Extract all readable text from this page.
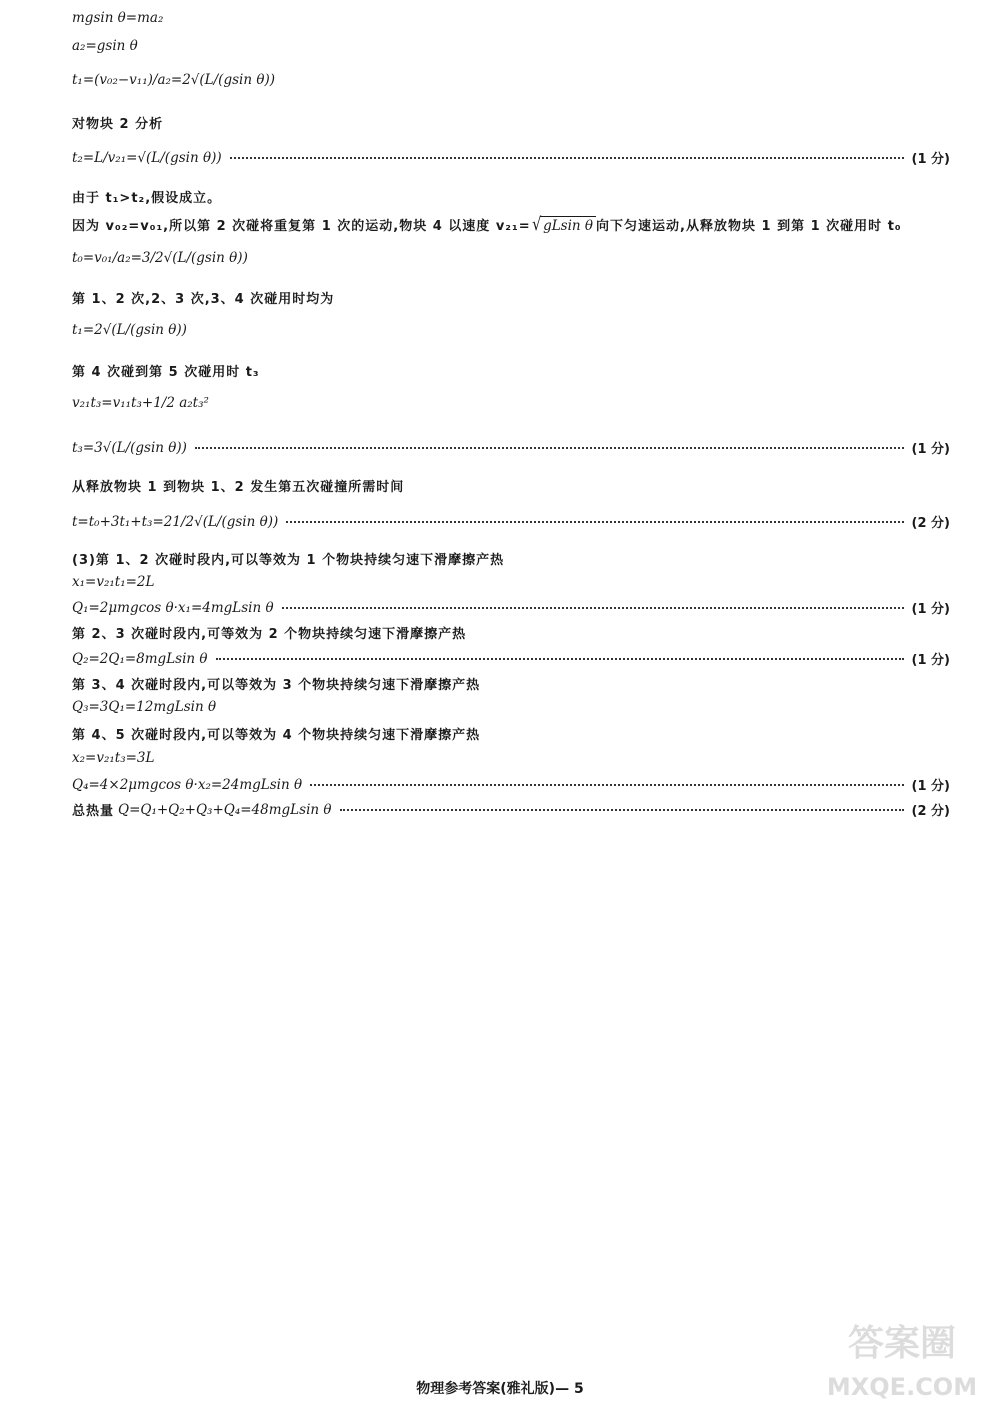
mgsin θ=ma₂
a₂=gsin θ
t₁=(v₀₂−v₁₁)/a₂=2√(L/(gsin θ))
对物块 2 分析
t₂=L/v₂₁=√(L/(gsin θ))	(1 分)
由于 t₁>t₂,假设成立。
因为 v₀₂=v₀₁,所以第 2 次碰将重复第 1 次的运动,物块 4 以速度 v₂₁= √ gLsin θ 向下匀速运动,从释放物块 1 到第 1 次碰用时 t₀
t₀=v₀₁/a₂=3/2√(L/(gsin θ))
第 1、2 次,2、3 次,3、4 次碰用时均为
t₁=2√(L/(gsin θ))
第 4 次碰到第 5 次碰用时 t₃
v₂₁t₃=v₁₁t₃+1/2 a₂t₃²
t₃=3√(L/(gsin θ))	(1 分)
从释放物块 1 到物块 1、2 发生第五次碰撞所需时间
t=t₀+3t₁+t₃=21/2√(L/(gsin θ))	(2 分)
(3)第 1、2 次碰时段内,可以等效为 1 个物块持续匀速下滑摩擦产热
x₁=v₂₁t₁=2L
Q₁=2μmgcos θ·x₁=4mgLsin θ	(1 分)
第 2、3 次碰时段内,可等效为 2 个物块持续匀速下滑摩擦产热
Q₂=2Q₁=8mgLsin θ	(1 分)
第 3、4 次碰时段内,可以等效为 3 个物块持续匀速下滑摩擦产热
Q₃=3Q₁=12mgLsin θ
第 4、5 次碰时段内,可以等效为 4 个物块持续匀速下滑摩擦产热
x₂=v₂₁t₃=3L
Q₄=4×2μmgcos θ·x₂=24mgLsin θ	(1 分)
总热量 Q=Q₁+Q₂+Q₃+Q₄=48mgLsin θ	(2 分)
物理参考答案(雅礼版)— 5
答案圈
MXQE.COM
